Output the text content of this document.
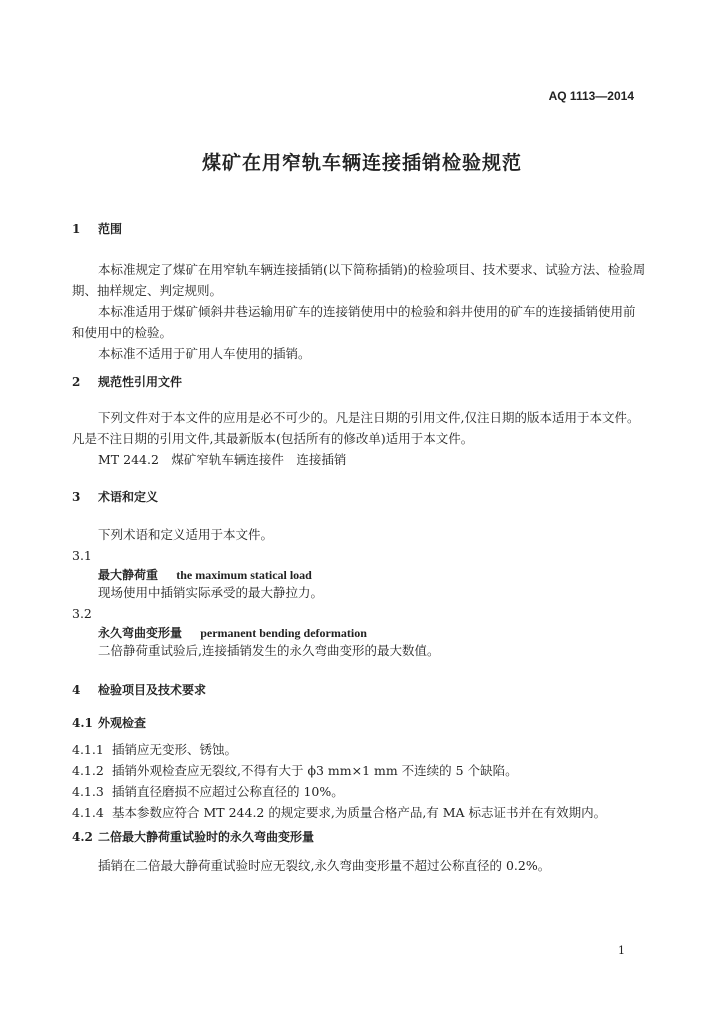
AQ 1113—2014
煤矿在用窄轨车辆连接插销检验规范
1 范围
本标准规定了煤矿在用窄轨车辆连接插销(以下简称插销)的检验项目、技术要求、试验方法、检验周期、抽样规定、判定规则。
本标准适用于煤矿倾斜井巷运输用矿车的连接销使用中的检验和斜井使用的矿车的连接插销使用前和使用中的检验。
本标准不适用于矿用人车使用的插销。
2 规范性引用文件
下列文件对于本文件的应用是必不可少的。凡是注日期的引用文件,仅注日期的版本适用于本文件。凡是不注日期的引用文件,其最新版本(包括所有的修改单)适用于本文件。
MT 244.2　煤矿窄轨车辆连接件　连接插销
3 术语和定义
下列术语和定义适用于本文件。
3.1
最大静荷重 the maximum statical load
现场使用中插销实际承受的最大静拉力。
3.2
永久弯曲变形量 permanent bending deformation
二倍静荷重试验后,连接插销发生的永久弯曲变形的最大数值。
4 检验项目及技术要求
4.1 外观检查
4.1.1 插销应无变形、锈蚀。
4.1.2 插销外观检查应无裂纹,不得有大于 ϕ3 mm×1 mm 不连续的 5 个缺陷。
4.1.3 插销直径磨损不应超过公称直径的 10%。
4.1.4 基本参数应符合 MT 244.2 的规定要求,为质量合格产品,有 MA 标志证书并在有效期内。
4.2 二倍最大静荷重试验时的永久弯曲变形量
插销在二倍最大静荷重试验时应无裂纹,永久弯曲变形量不超过公称直径的 0.2%。
1
